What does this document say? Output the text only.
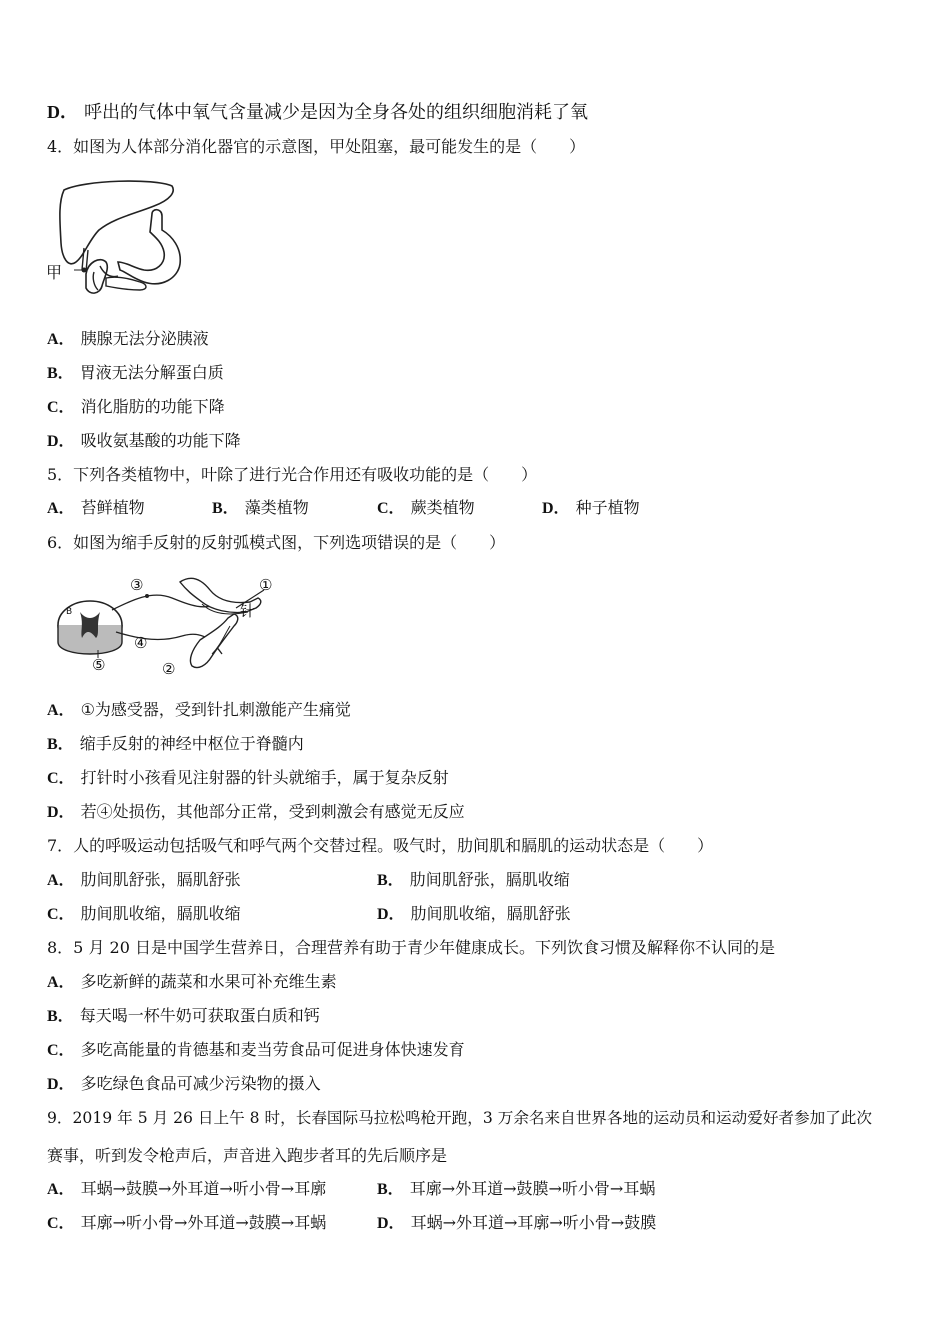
D． 呼出的气体中氧气含量减少是因为全身各处的组织细胞消耗了氧
4．如图为人体部分消化器官的示意图，甲处阻塞，最可能发生的是（　　）
甲
A． 胰腺无法分泌胰液
B． 胃液无法分解蛋白质
C． 消化脂肪的功能下降
D． 吸收氨基酸的功能下降
5．下列各类植物中，叶除了进行光合作用还有吸收功能的是（　　）
A． 苔鲜植物	B． 藻类植物	C． 蕨类植物	D． 种子植物
6．如图为缩手反射的反射弧模式图，下列选项错误的是（　　）
B
③	①
针
④
⑤	②
A． ①为感受器，受到针扎刺激能产生痛觉
B． 缩手反射的神经中枢位于脊髓内
C． 打针时小孩看见注射器的针头就缩手，属于复杂反射
D． 若④处损伤，其他部分正常，受到刺激会有感觉无反应
7．人的呼吸运动包括吸气和呼气两个交替过程。吸气时，肋间肌和膈肌的运动状态是（　　）
A． 肋间肌舒张，膈肌舒张	B． 肋间肌舒张，膈肌收缩
C． 肋间肌收缩，膈肌收缩	D． 肋间肌收缩，膈肌舒张
8．5 月 20 日是中国学生营养日，合理营养有助于青少年健康成长。下列饮食习惯及解释你不认同的是
A． 多吃新鲜的蔬菜和水果可补充维生素
B． 每天喝一杯牛奶可获取蛋白质和钙
C． 多吃高能量的肯德基和麦当劳食品可促进身体快速发育
D． 多吃绿色食品可减少污染物的摄入
9．2019 年 5 月 26 日上午 8 时，长春国际马拉松鸣枪开跑，3 万余名来自世界各地的运动员和运动爱好者参加了此次
赛事，听到发令枪声后，声音进入跑步者耳的先后顺序是
A． 耳蜗→鼓膜→外耳道→听小骨→耳廓	B． 耳廓→外耳道→鼓膜→听小骨→耳蜗
C． 耳廓→听小骨→外耳道→鼓膜→耳蜗	D． 耳蜗→外耳道→耳廓→听小骨→鼓膜
